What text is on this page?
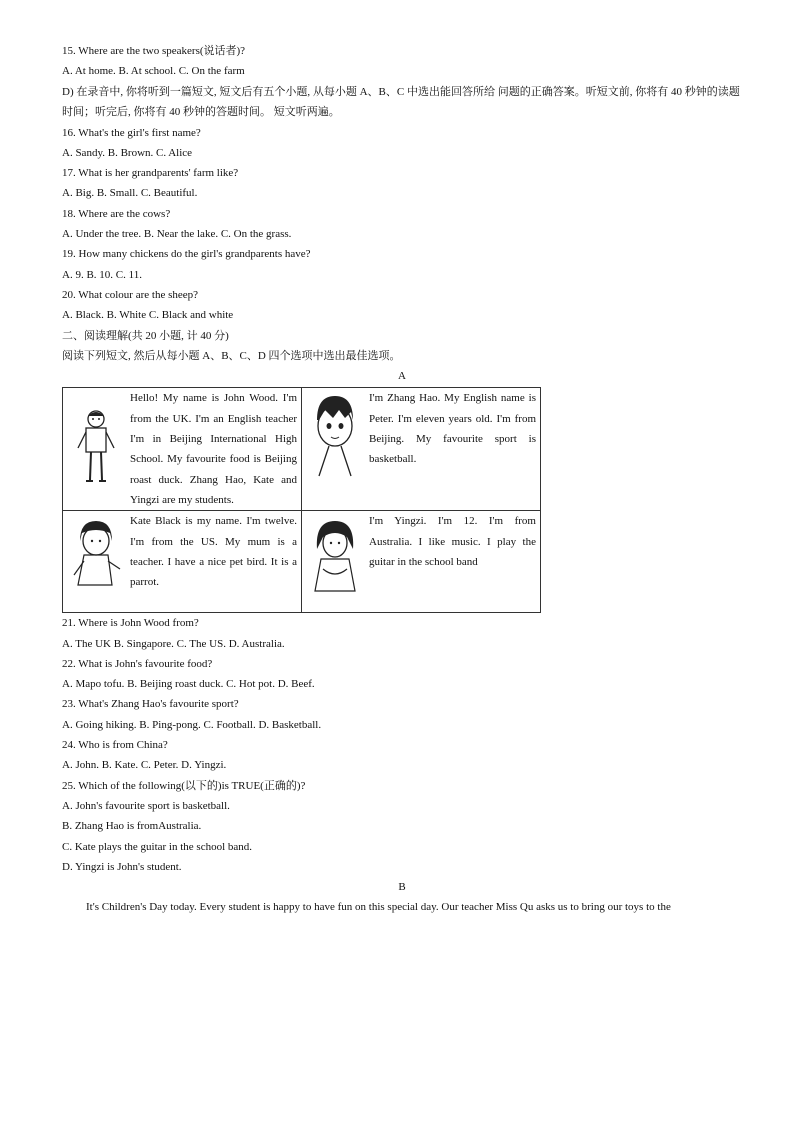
15. Where are the two speakers(说话者)?
A. At home. B. At school. C. On the farm
D) 在录音中, 你将听到一篇短文, 短文后有五个小题, 从每小题 A、B、C 中选出能回答所给 问题的正确答案。听短文前, 你将有 40 秒钟的读题时间；听完后, 你将有 40 秒钟的答题时间。 短文听两遍。
16. What's the girl's first name?
A. Sandy. B. Brown. C. Alice
17. What is her grandparents' farm like?
A. Big. B. Small. C. Beautiful.
18. Where are the cows?
A. Under the tree. B. Near the lake. C. On the grass.
19. How many chickens do the girl's grandparents have?
A. 9. B. 10. C. 11.
20. What colour are the sheep?
A. Black. B. White C. Black and white
二、阅读理解(共 20 小题, 计 40 分)
阅读下列短文, 然后从每小题 A、B、C、D 四个选项中选出最佳选项。
A
Hello! My name is John Wood. I'm from the UK. I'm an English teacher I'm in Beijing International High School. My favourite food is Beijing roast duck. Zhang Hao, Kate and Yingzi are my students.	I'm Zhang Hao. My English name is Peter. I'm eleven years old. I'm from Beijing. My favourite sport is basketball.

Kate Black is my name. I'm twelve. I'm from the US. My mum is a teacher. I have a nice pet bird. It is a parrot.	I'm Yingzi. I'm 12. I'm from Australia. I like music. I play the guitar in the school band
21. Where is John Wood from?
A. The UK B. Singapore. C. The US. D. Australia.
22. What is John's favourite food?
A. Mapo tofu. B. Beijing roast duck. C. Hot pot. D. Beef.
23. What's Zhang Hao's favourite sport?
A. Going hiking. B. Ping-pong. C. Football. D. Basketball.
24. Who is from China?
A. John. B. Kate. C. Peter. D. Yingzi.
25. Which of the following(以下的)is TRUE(正确的)?
A. John's favourite sport is basketball.
B. Zhang Hao is fromAustralia.
C. Kate plays the guitar in the school band.
D. Yingzi is John's student.
B
It's Children's Day today. Every student is happy to have fun on this special day. Our teacher Miss Qu asks us to bring our toys to the
